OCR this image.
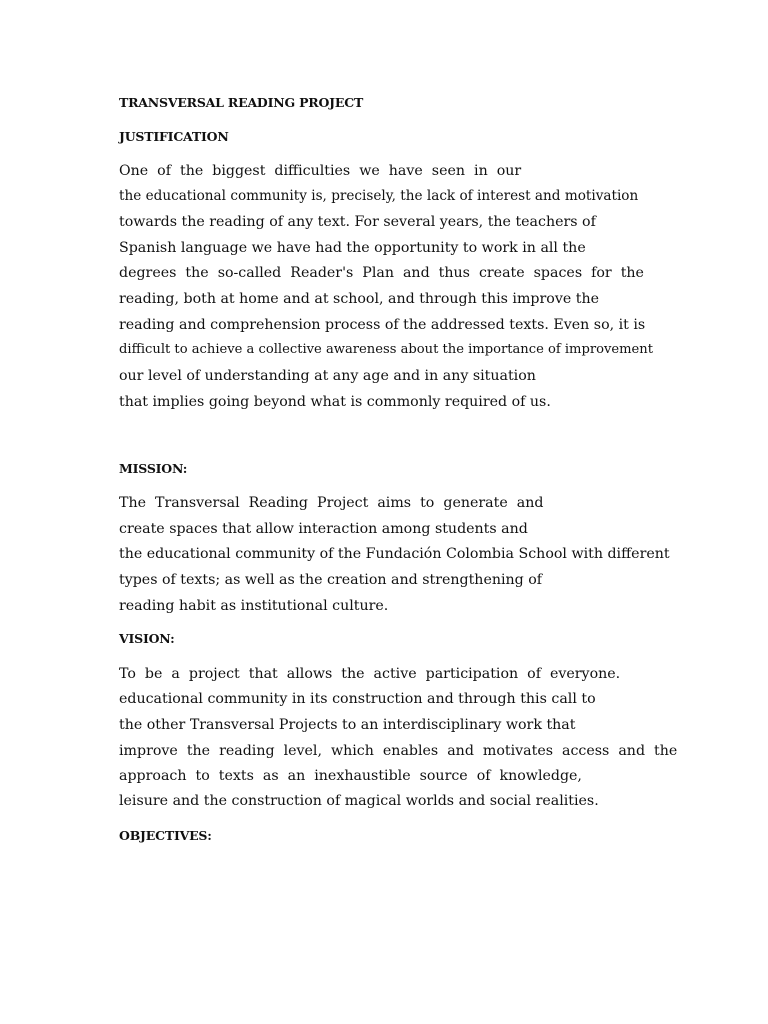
TRANSVERSAL READING PROJECT
JUSTIFICATION
One  of  the  biggest  difficulties  we  have  seen  in  our
the educational community is, precisely, the lack of interest and motivation
towards the reading of any text. For several years, the teachers of
Spanish language we have had the opportunity to work in all the
degrees  the  so-called  Reader's  Plan  and  thus  create  spaces  for  the
reading, both at home and at school, and through this improve the
reading and comprehension process of the addressed texts. Even so, it is
difficult to achieve a collective awareness about the importance of improvement
our level of understanding at any age and in any situation
that implies going beyond what is commonly required of us.
MISSION:
The  Transversal  Reading  Project  aims  to  generate  and
create spaces that allow interaction among students and
the educational community of the Fundación Colombia School with different
types of texts; as well as the creation and strengthening of
reading habit as institutional culture.
VISION:
To  be  a  project  that  allows  the  active  participation  of  everyone.
educational community in its construction and through this call to
the other Transversal Projects to an interdisciplinary work that
improve  the  reading  level,  which  enables  and  motivates  access  and  the
approach  to  texts  as  an  inexhaustible  source  of  knowledge,
leisure and the construction of magical worlds and social realities.
OBJECTIVES:
